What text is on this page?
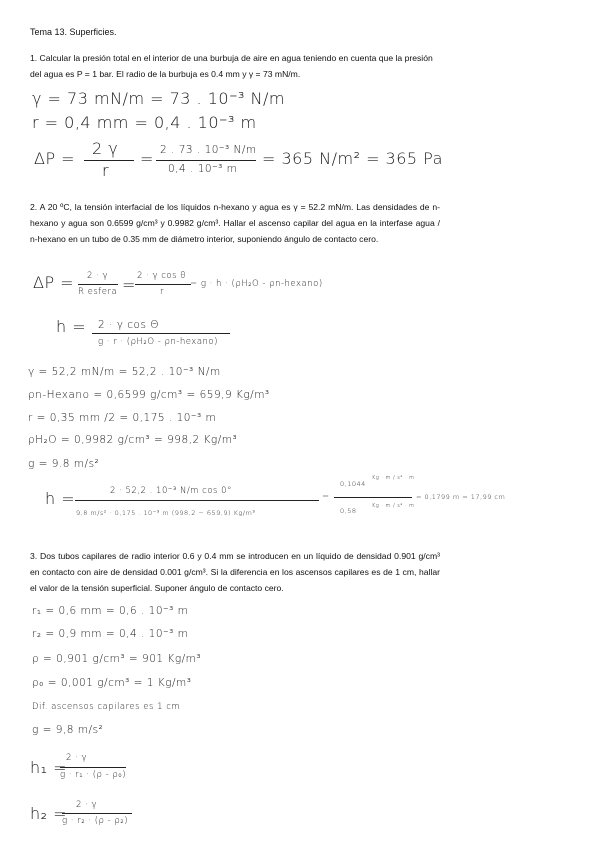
Tema 13. Superficies.

1. Calcular la presión total en el interior de una burbuja de aire en agua teniendo en cuenta que la presión del agua es P = 1 bar. El radio de la burbuja es 0.4 mm y γ = 73 mN/m.

γ = 73 mN/m = 73 . 10⁻³ N/m
r = 0,4 mm = 0,4 . 10⁻³ m
ΔP =
2 γ
r
= 2 . 73 . 10⁻³ N/m
0,4 . 10⁻³ m
= 365 N/m² = 365 Pa

2. A 20 ºC, la tensión interfacial de los líquidos n-hexano y agua es γ = 52.2 mN/m. Las densidades de n-hexano y agua son 0.6599 g/cm³ y 0.9982 g/cm³. Hallar el ascenso capilar del agua en la interfase agua / n-hexano en un tubo de 0.35 mm de diámetro interior, suponiendo ángulo de contacto cero.

ΔP = 2 · γ
R esfera = 2 · γ cos θ
r
= g · h · (ρH₂O - ρn-hexano)
h = 2 · γ cos Θ
g · r · (ρH₂O - ρn-hexano)
γ = 52,2 mN/m = 52,2 . 10⁻³ N/m
ρn-Hexano = 0,6599 g/cm³ = 659,9 Kg/m³
r = 0,35 mm /2 = 0,175 . 10⁻³ m
ρH₂O = 0,9982 g/cm³ = 998,2 Kg/m³
g = 9.8 m/s²
h =	2 · 52,2 . 10⁻³ N/m cos 0°
9,8 m/s² · 0,175 . 10⁻³ m (998,2 − 659,9) Kg/m³
=
0,1044
Kg · m / s² · m
0,58
Kg · m / s² · m
= 0,1799 m = 17,99 cm

3. Dos tubos capilares de radio interior 0.6 y 0.4 mm se introducen en un líquido de densidad 0.901 g/cm³ en contacto con aire de densidad 0.001 g/cm³. Si la diferencia en los ascensos capilares es de 1 cm, hallar el valor de la tensión superficial. Suponer ángulo de contacto cero.

r₁ = 0,6 mm = 0,6 . 10⁻³ m
r₂ = 0,9 mm = 0,4 . 10⁻³ m
ρ = 0,901 g/cm³ = 901 Kg/m³
ρ₀ = 0,001 g/cm³ = 1 Kg/m³
Dif. ascensos capilares es 1 cm
g = 9,8 m/s²
h₁ =
2 · γ
g · r₁ · (ρ - ρ₀)
h₂ = 2 · γ
g · r₂ · (ρ - ρ₂)
